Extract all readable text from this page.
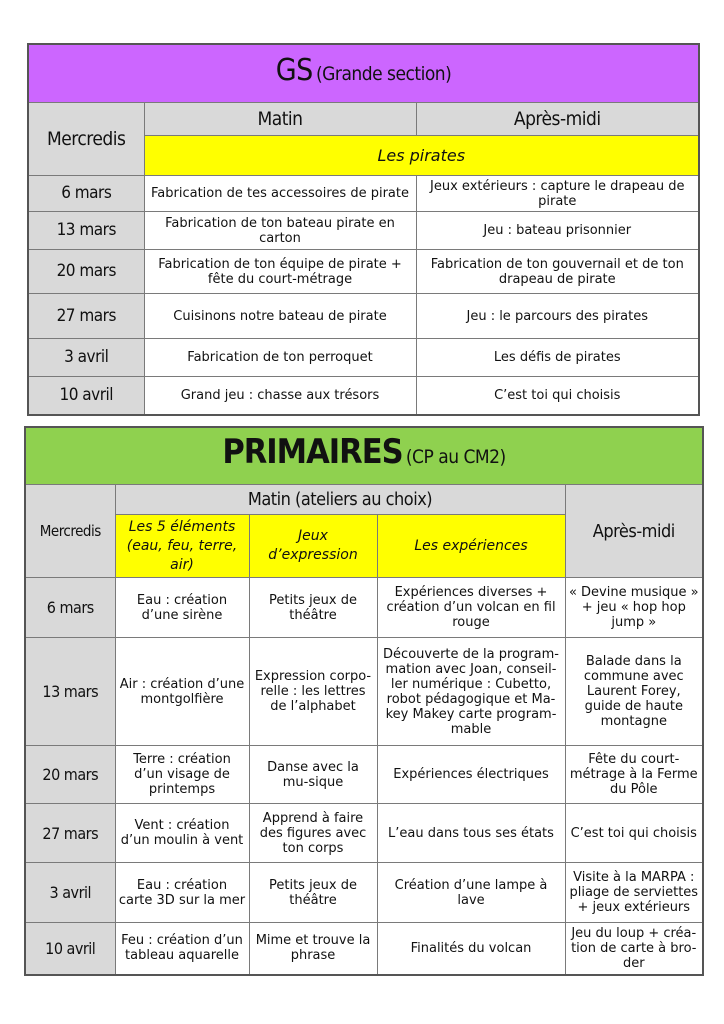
GS (Grande section)		
Mercredis	Matin	Après-midi
	Les pirates	
6 mars	Fabrication de tes accessoires de pirate	Jeux extérieurs : capture le drapeau de pirate
13 mars	Fabrication de ton bateau pirate en carton	Jeu : bateau prisonnier
20 mars	Fabrication de ton équipe de pirate + fête du court-métrage	Fabrication de ton gouvernail et de ton drapeau de pirate
27 mars	Cuisinons notre bateau de pirate	Jeu : le parcours des pirates
3 avril	Fabrication de ton perroquet	Les défis de pirates
10 avril	Grand jeu : chasse aux trésors	C’est toi qui choisis
PRIMAIRES (CP au CM2)				
Mercredis	Matin (ateliers au choix)			Après-midi
	Les 5 éléments (eau, feu, terre, air)	Jeux d’expression	Les expériences	
6 mars	Eau : création d’une sirène	Petits jeux de théâtre	Expériences diverses + création d’un volcan en fil rouge	« Devine musique » + jeu « hop hop jump »
13 mars	Air : création d’une montgolfière	Expression corpo-relle : les lettres de l’alphabet	Découverte de la program-mation avec Joan, conseil-ler numérique : Cubetto, robot pédagogique et Ma-key Makey carte program-mable	Balade dans la commune avec Laurent Forey, guide de haute montagne
20 mars	Terre : création d’un visage de printemps	Danse avec la mu-sique	Expériences électriques	Fête du court-métrage à la Ferme du Pôle
27 mars	Vent : création d’un moulin à vent	Apprend à faire des figures avec ton corps	L’eau dans tous ses états	C’est toi qui choisis
3 avril	Eau : création carte 3D sur la mer	Petits jeux de théâtre	Création d’une lampe à lave	Visite à la MARPA : pliage de serviettes + jeux extérieurs
10 avril	Feu : création d’un tableau aquarelle	Mime et trouve la phrase	Finalités du volcan	Jeu du loup + créa-tion de carte à bro-der
